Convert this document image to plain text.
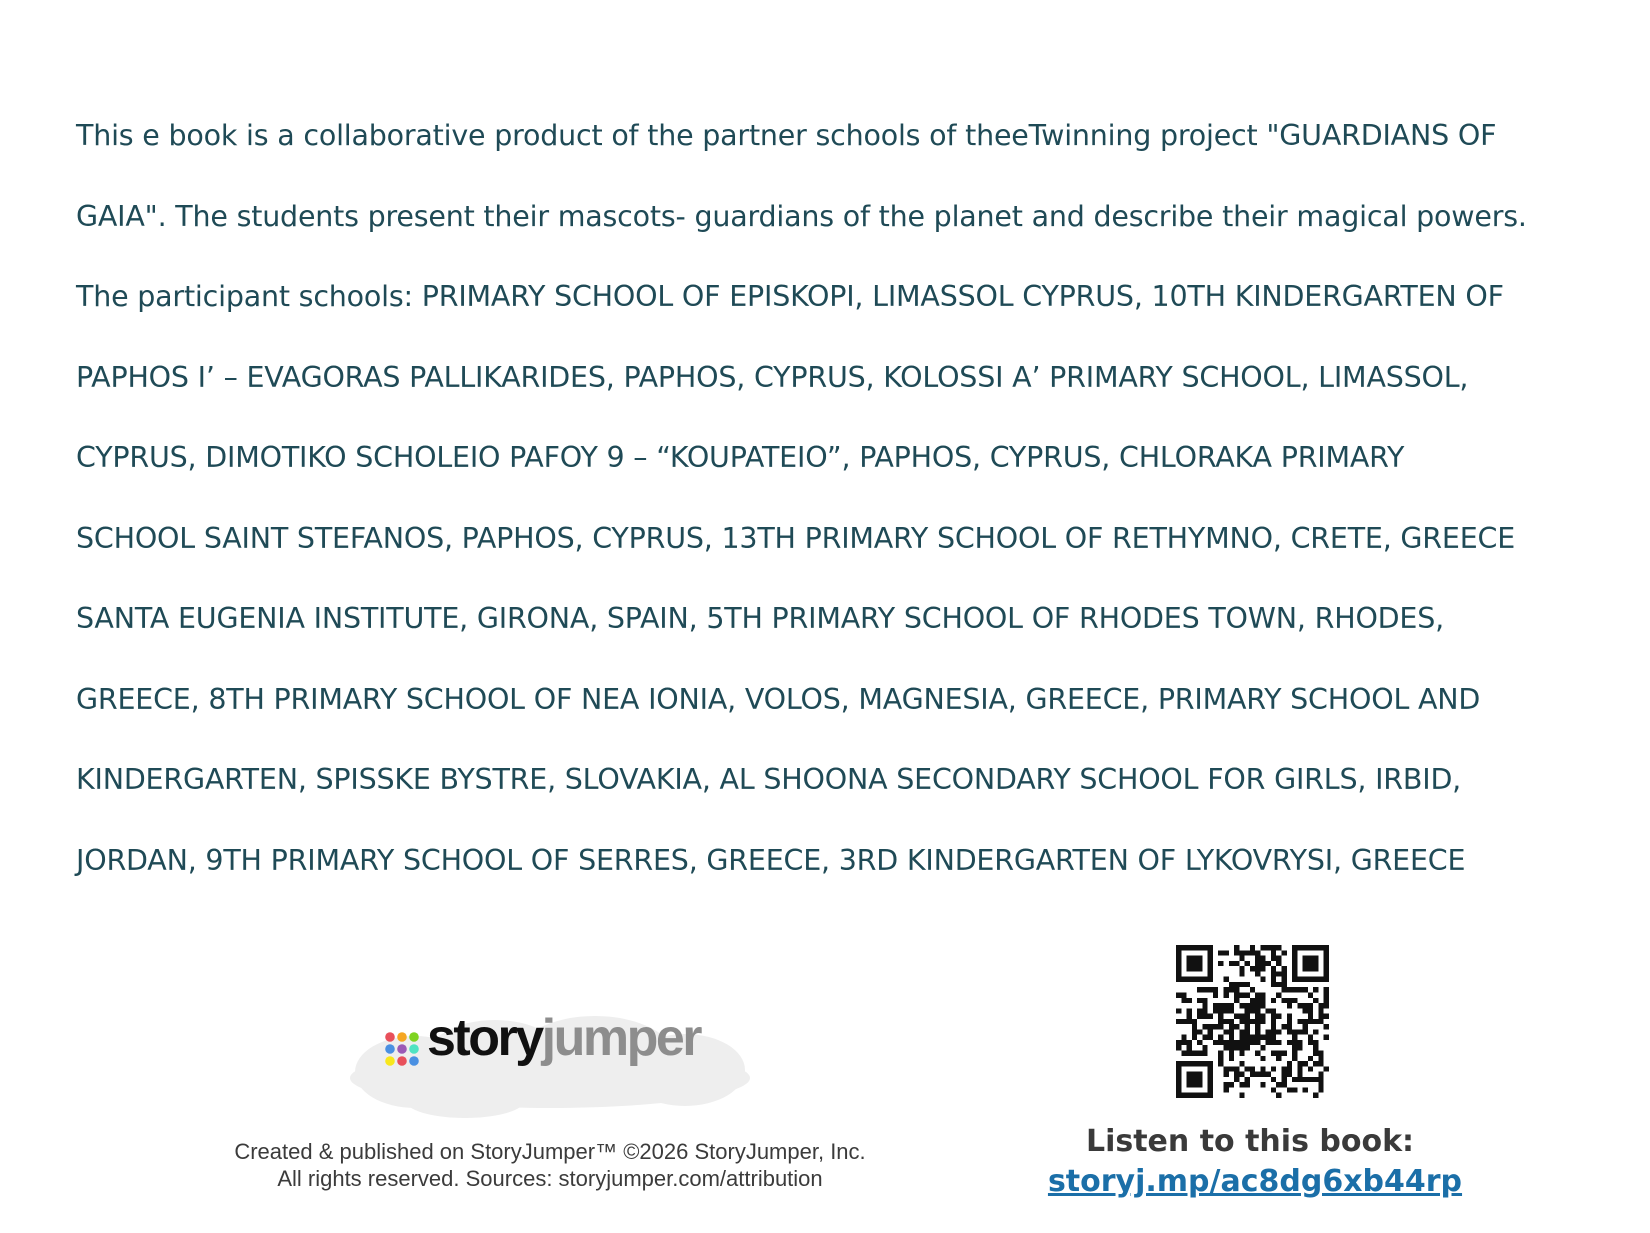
This e book is a collaborative product of the partner schools of theeTwinning project "GUARDIANS OF
GAIA". The students present their mascots- guardians of the planet and describe their magical powers.
The participant schools: PRIMARY SCHOOL OF EPISKOPI, LIMASSOL CYPRUS, 10TH KINDERGARTEN OF
PAPHOS I’ – EVAGORAS PALLIKARIDES, PAPHOS, CYPRUS, KOLOSSI A’ PRIMARY SCHOOL, LIMASSOL,
CYPRUS, DIMOTIKO SCHOLEIO PAFOY 9 – “KOUPATEIO”, PAPHOS, CYPRUS, CHLORAKA PRIMARY
SCHOOL SAINT STEFANOS, PAPHOS, CYPRUS, 13TH PRIMARY SCHOOL OF RETHYMNO, CRETE, GREECE
SANTA EUGENIA INSTITUTE, GIRONA, SPAIN, 5TH PRIMARY SCHOOL OF RHODES TOWN, RHODES,
GREECE, 8TH PRIMARY SCHOOL OF NEA IONIA, VOLOS, MAGNESIA, GREECE, PRIMARY SCHOOL AND
KINDERGARTEN, SPISSKE BYSTRE, SLOVAKIA, AL SHOONA SECONDARY SCHOOL FOR GIRLS, IRBID,
JORDAN, 9TH PRIMARY SCHOOL OF SERRES, GREECE, 3RD KINDERGARTEN OF LYKOVRYSI, GREECE
storyjumper
Created & published on StoryJumper™ ©2026 StoryJumper, Inc.
All rights reserved. Sources: storyjumper.com/attribution
Listen to this book:
storyj.mp/ac8dg6xb44rp
